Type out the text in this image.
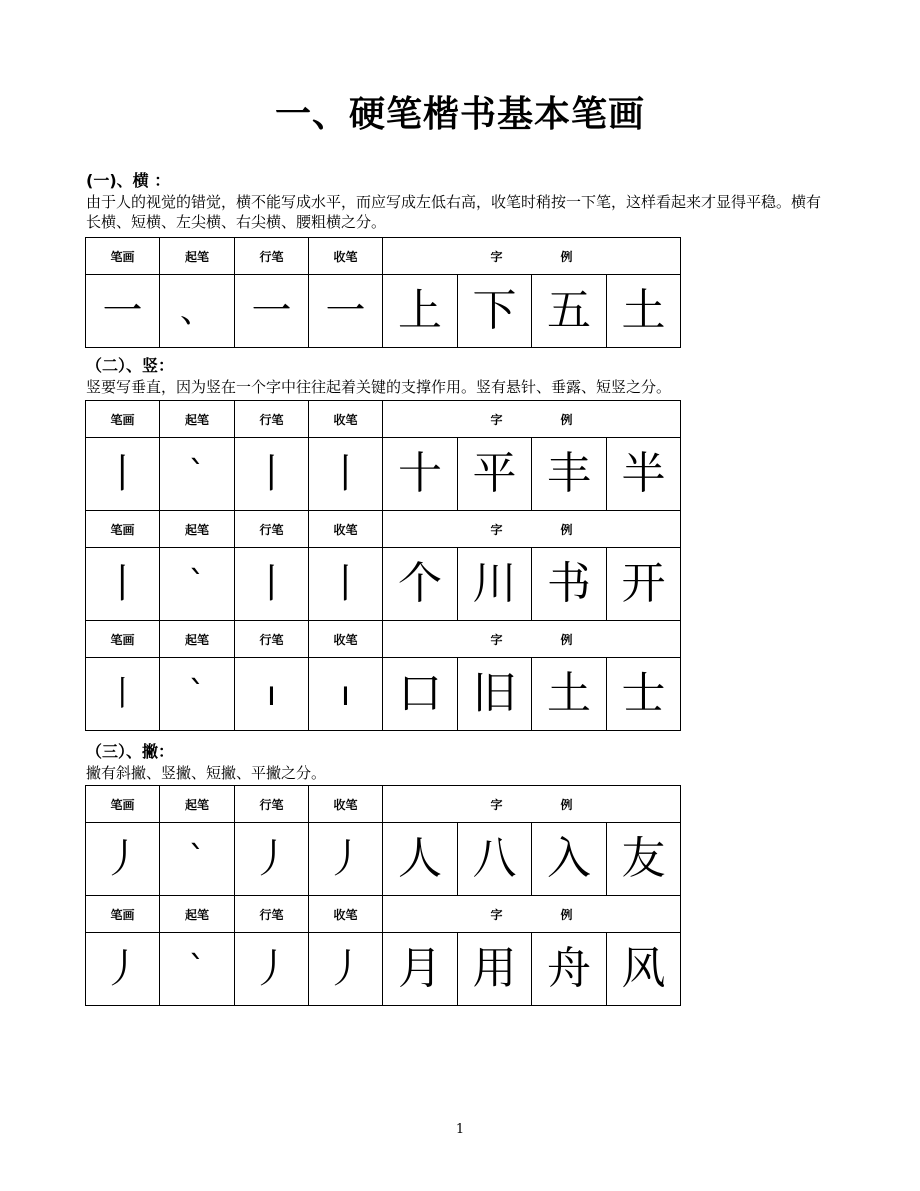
一、硬笔楷书基本笔画
(一)、横 ：
由于人的视觉的错觉，横不能写成水平，而应写成左低右高，收笔时稍按一下笔，这样看起来才显得平稳。横有长横、短横、左尖横、右尖横、腰粗横之分。
笔画	起笔	行笔	收笔	字 例			
一	、	一	一	上	下	五	土
（二）、竖：
竖要写垂直，因为竖在一个字中往往起着关键的支撑作用。竖有悬针、垂露、短竖之分。
笔画	起笔	行笔	收笔	字 例			
丨	ˋ	丨	丨	十	平	丰	半
笔画	起笔	行笔	收笔	字 例			
丨	ˋ	丨	丨	个	川	书	开
笔画	起笔	行笔	收笔	字 例			
丨	ˋ	ı	ı	口	旧	土	士
（三）、撇：
撇有斜撇、竖撇、短撇、平撇之分。
笔画	起笔	行笔	收笔	字 例			
丿	ˋ	丿	丿	人	八	入	友
笔画	起笔	行笔	收笔	字 例			
丿	ˋ	丿	丿	月	用	舟	风
1
